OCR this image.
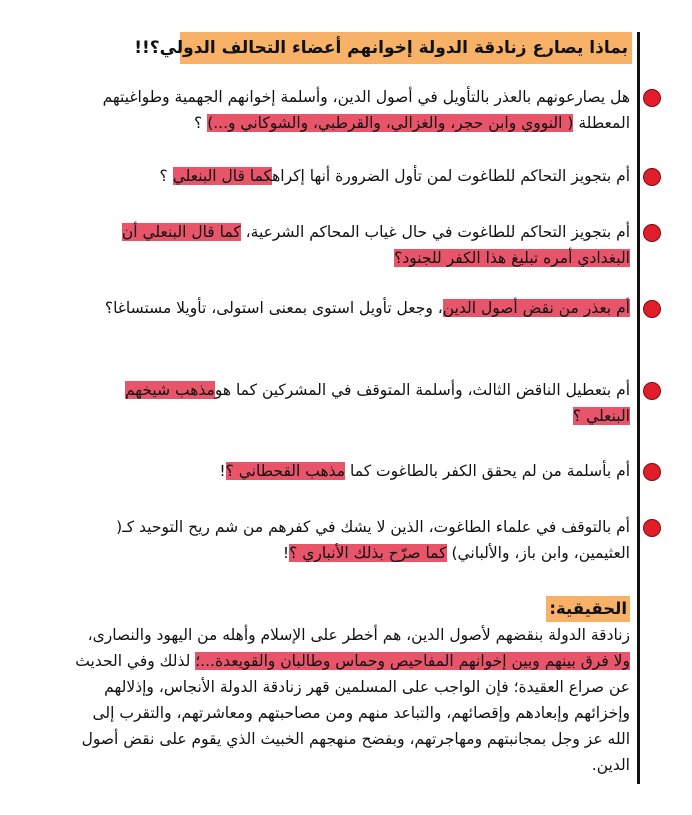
بماذا يصارع زنادقة الدولة إخوانهم أعضاء التحالف الدولي؟!!
هل يصارعونهم بالعذر بالتأويل في أصول الدين، وأسلمة إخوانهم الجهمية وطواغيتهم المعطلة ( النووي وابن حجر، والغزالي، والقرطبي، والشوكاني و...) ؟
أم بتجويز التحاكم للطاغوت لمن تأول الضرورة أنها إكراهكما قال البنعلي ؟
أم بتجويز التحاكم للطاغوت في حال غياب المحاكم الشرعية، كما قال البنعلي أن البغدادي أمره تبليغ هذا الكفر للجنود؟
أم بعذر من نقض أصول الدين، وجعل تأويل استوى بمعنى استولى، تأويلا مستساغا؟
أم بتعطيل الناقض الثالث، وأسلمة المتوقف في المشركين كما هومذهب شيخهم البنعلي ؟
أم بأسلمة من لم يحقق الكفر بالطاغوت كما مذهب القحطاني ؟!
أم بالتوقف في علماء الطاغوت، الذين لا يشك في كفرهم من شم ريح التوحيد كـ( العثيمين، وابن باز، والألباني) كما صرّح بذلك الأنباري ؟!
الحقيقية:
زنادقة الدولة بنقضهم لأصول الدين، هم أخطر على الإسلام وأهله من اليهود والنصارى، ولا فرق بينهم وبين إخوانهم المفاحيص وحماس وطالبان والقويعدة...؛ لذلك وفي الحديث عن صراع العقيدة؛ فإن الواجب على المسلمين قهر زنادقة الدولة الأنجاس، وإذلالهم وإخزائهم وإبعادهم وإقصائهم، والتباعد منهم ومن مصاحبتهم ومعاشرتهم، والتقرب إلى الله عز وجل بمجانبتهم ومهاجرتهم، وبفضح منهجهم الخبيث الذي يقوم على نقض أصول الدين.
